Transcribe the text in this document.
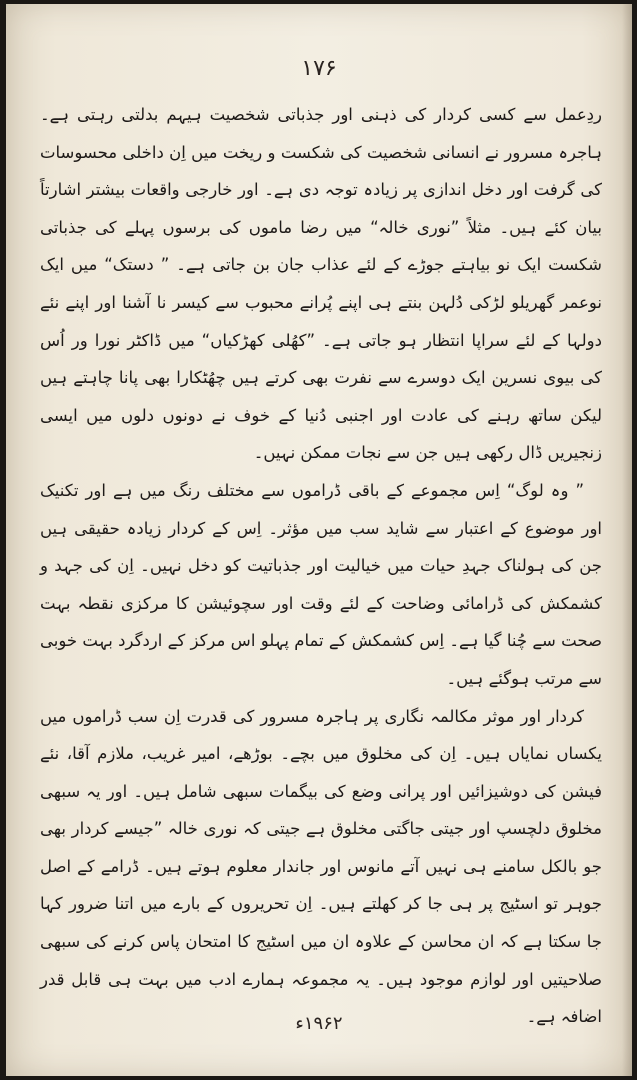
۱۷۶

ردِعمل سے کسی کردار کی ذہنی اور جذباتی شخصیت ہیہم بدلتی رہتی ہے۔ ہاجرہ مسرور نے انسانی شخصیت کی شکست و ریخت میں اِن داخلی محسوسات کی گرفت اور دخل اندازی پر زیادہ توجہ دی ہے۔ اور خارجی واقعات بیشتر اشارتاً بیان کئے ہیں۔ مثلاً ”نوری خالہ“ میں رضا ماموں کی برسوں پہلے کی جذباتی شکست ایک نو بیاہتے جوڑے کے لئے عذاب جان بن جاتی ہے۔ ” دستک“ میں ایک نوعمر گھریلو لڑکی دُلہن بنتے ہی اپنے پُرانے محبوب سے کیسر نا آشنا اور اپنے نئے دولہا کے لئے سراپا انتظار ہو جاتی ہے۔ ”کھُلی کھڑکیاں“ میں ڈاکٹر نورا ور اُس کی بیوی نسرین ایک دوسرے سے نفرت بھی کرتے ہیں چھُٹکارا بھی پانا چاہتے ہیں لیکن ساتھ رہنے کی عادت اور اجنبی دُنیا کے خوف نے دونوں دلوں میں ایسی زنجیریں ڈال رکھی ہیں جن سے نجات ممکن نہیں۔

” وہ لوگ“ اِس مجموعے کے باقی ڈراموں سے مختلف رنگ میں ہے اور تکنیک اور موضوع کے اعتبار سے شاید سب میں مؤثر۔ اِس کے کردار زیادہ حقیقی ہیں جن کی ہولناک جہدِ حیات میں خیالیت اور جذباتیت کو دخل نہیں۔ اِن کی جہد و کشمکش کی ڈرامائی وضاحت کے لئے وقت اور سچوئیشن کا مرکزی نقطہ بہت صحت سے چُنا گیا ہے۔ اِس کشمکش کے تمام پہلو اس مرکز کے اردگرد بہت خوبی سے مرتب ہوگئے ہیں۔

کردار اور موثر مکالمہ نگاری پر ہاجرہ مسرور کی قدرت اِن سب ڈراموں میں یکساں نمایاں ہیں۔ اِن کی مخلوق میں بچے۔ بوڑھے، امیر غریب، ملازم آقا، نئے فیشن کی دوشیزائیں اور پرانی وضع کی بیگمات سبھی شامل ہیں۔ اور یہ سبھی مخلوق دلچسپ اور جیتی جاگتی مخلوق ہے جیتی کہ نوری خالہ ”جیسے کردار بھی جو بالکل سامنے ہی نہیں آتے مانوس اور جاندار معلوم ہوتے ہیں۔ ڈرامے کے اصل جوہر تو اسٹیج پر ہی جا کر کھلتے ہیں۔ اِن تحریروں کے بارے میں اتنا ضرور کہا جا سکتا ہے کہ ان محاسن کے علاوہ ان میں اسٹیج کا امتحان پاس کرنے کی سبھی صلاحیتیں اور لوازم موجود ہیں۔ یہ مجموعہ ہمارے ادب میں بہت ہی قابل قدر اضافہ ہے۔

۱۹۶۲ء
